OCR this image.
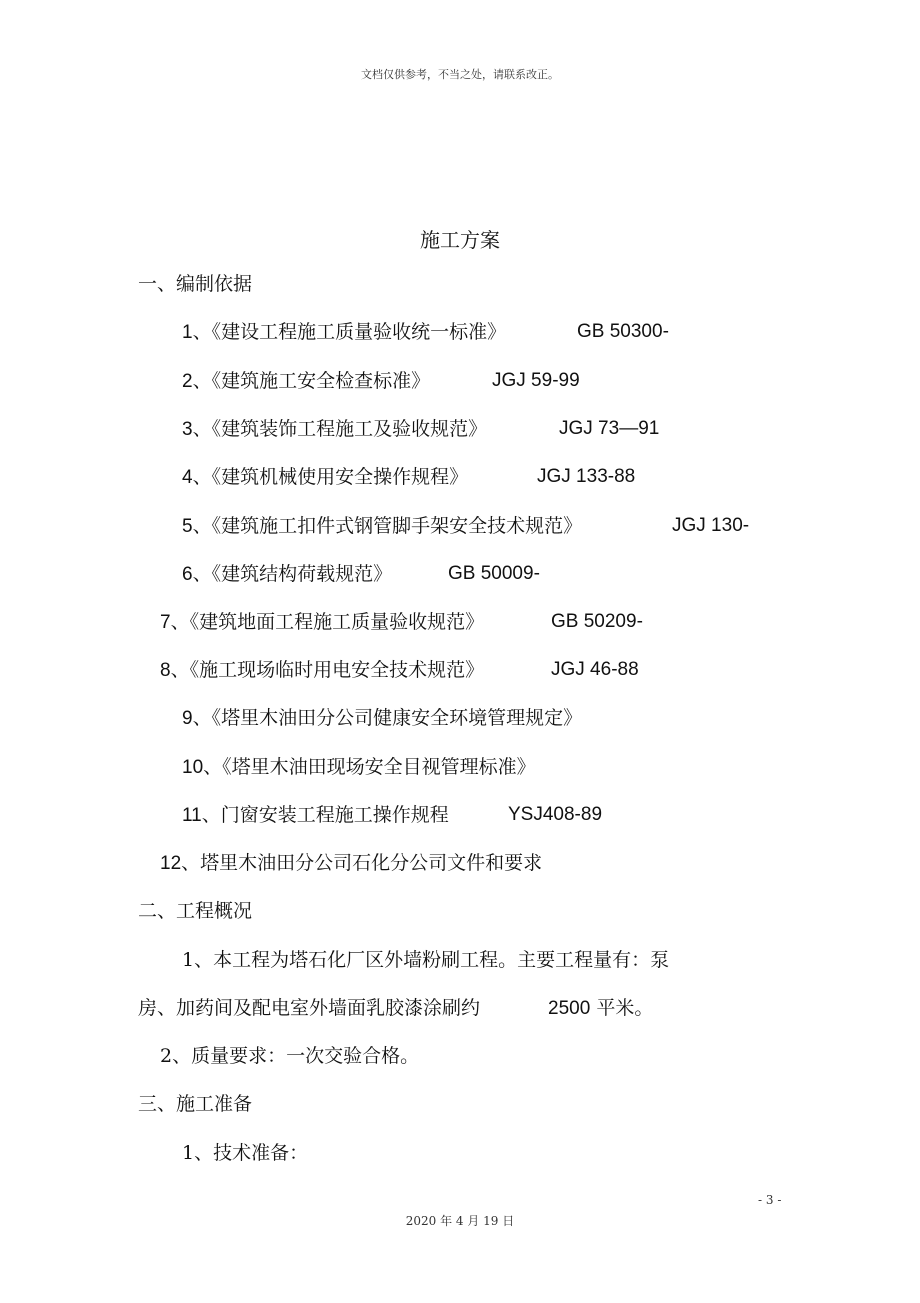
文档仅供参考，不当之处，请联系改正。
施工方案
一、编制依据
1、《建设工程施工质量验收统一标准》	GB 50300-
2、《建筑施工安全检查标准》	JGJ 59-99
3、《建筑装饰工程施工及验收规范》	JGJ 73—91
4、《建筑机械使用安全操作规程》	JGJ 133-88
5、《建筑施工扣件式钢管脚手架安全技术规范》	JGJ 130-
6、《建筑结构荷载规范》	GB 50009-
7、《建筑地面工程施工质量验收规范》	GB 50209-
8、《施工现场临时用电安全技术规范》	JGJ 46-88
9、《塔里木油田分公司健康安全环境管理规定》
10、《塔里木油田现场安全目视管理标准》
11、门窗安装工程施工操作规程	YSJ408-89
12、塔里木油田分公司石化分公司文件和要求
二、工程概况
1、本工程为塔石化厂区外墙粉刷工程。主要工程量有：泵
房、加药间及配电室外墙面乳胶漆涂刷约	2500 平米。
2、质量要求：一次交验合格。
三、施工准备
1、技术准备：
- 3 -
2020 年 4 月 19 日
